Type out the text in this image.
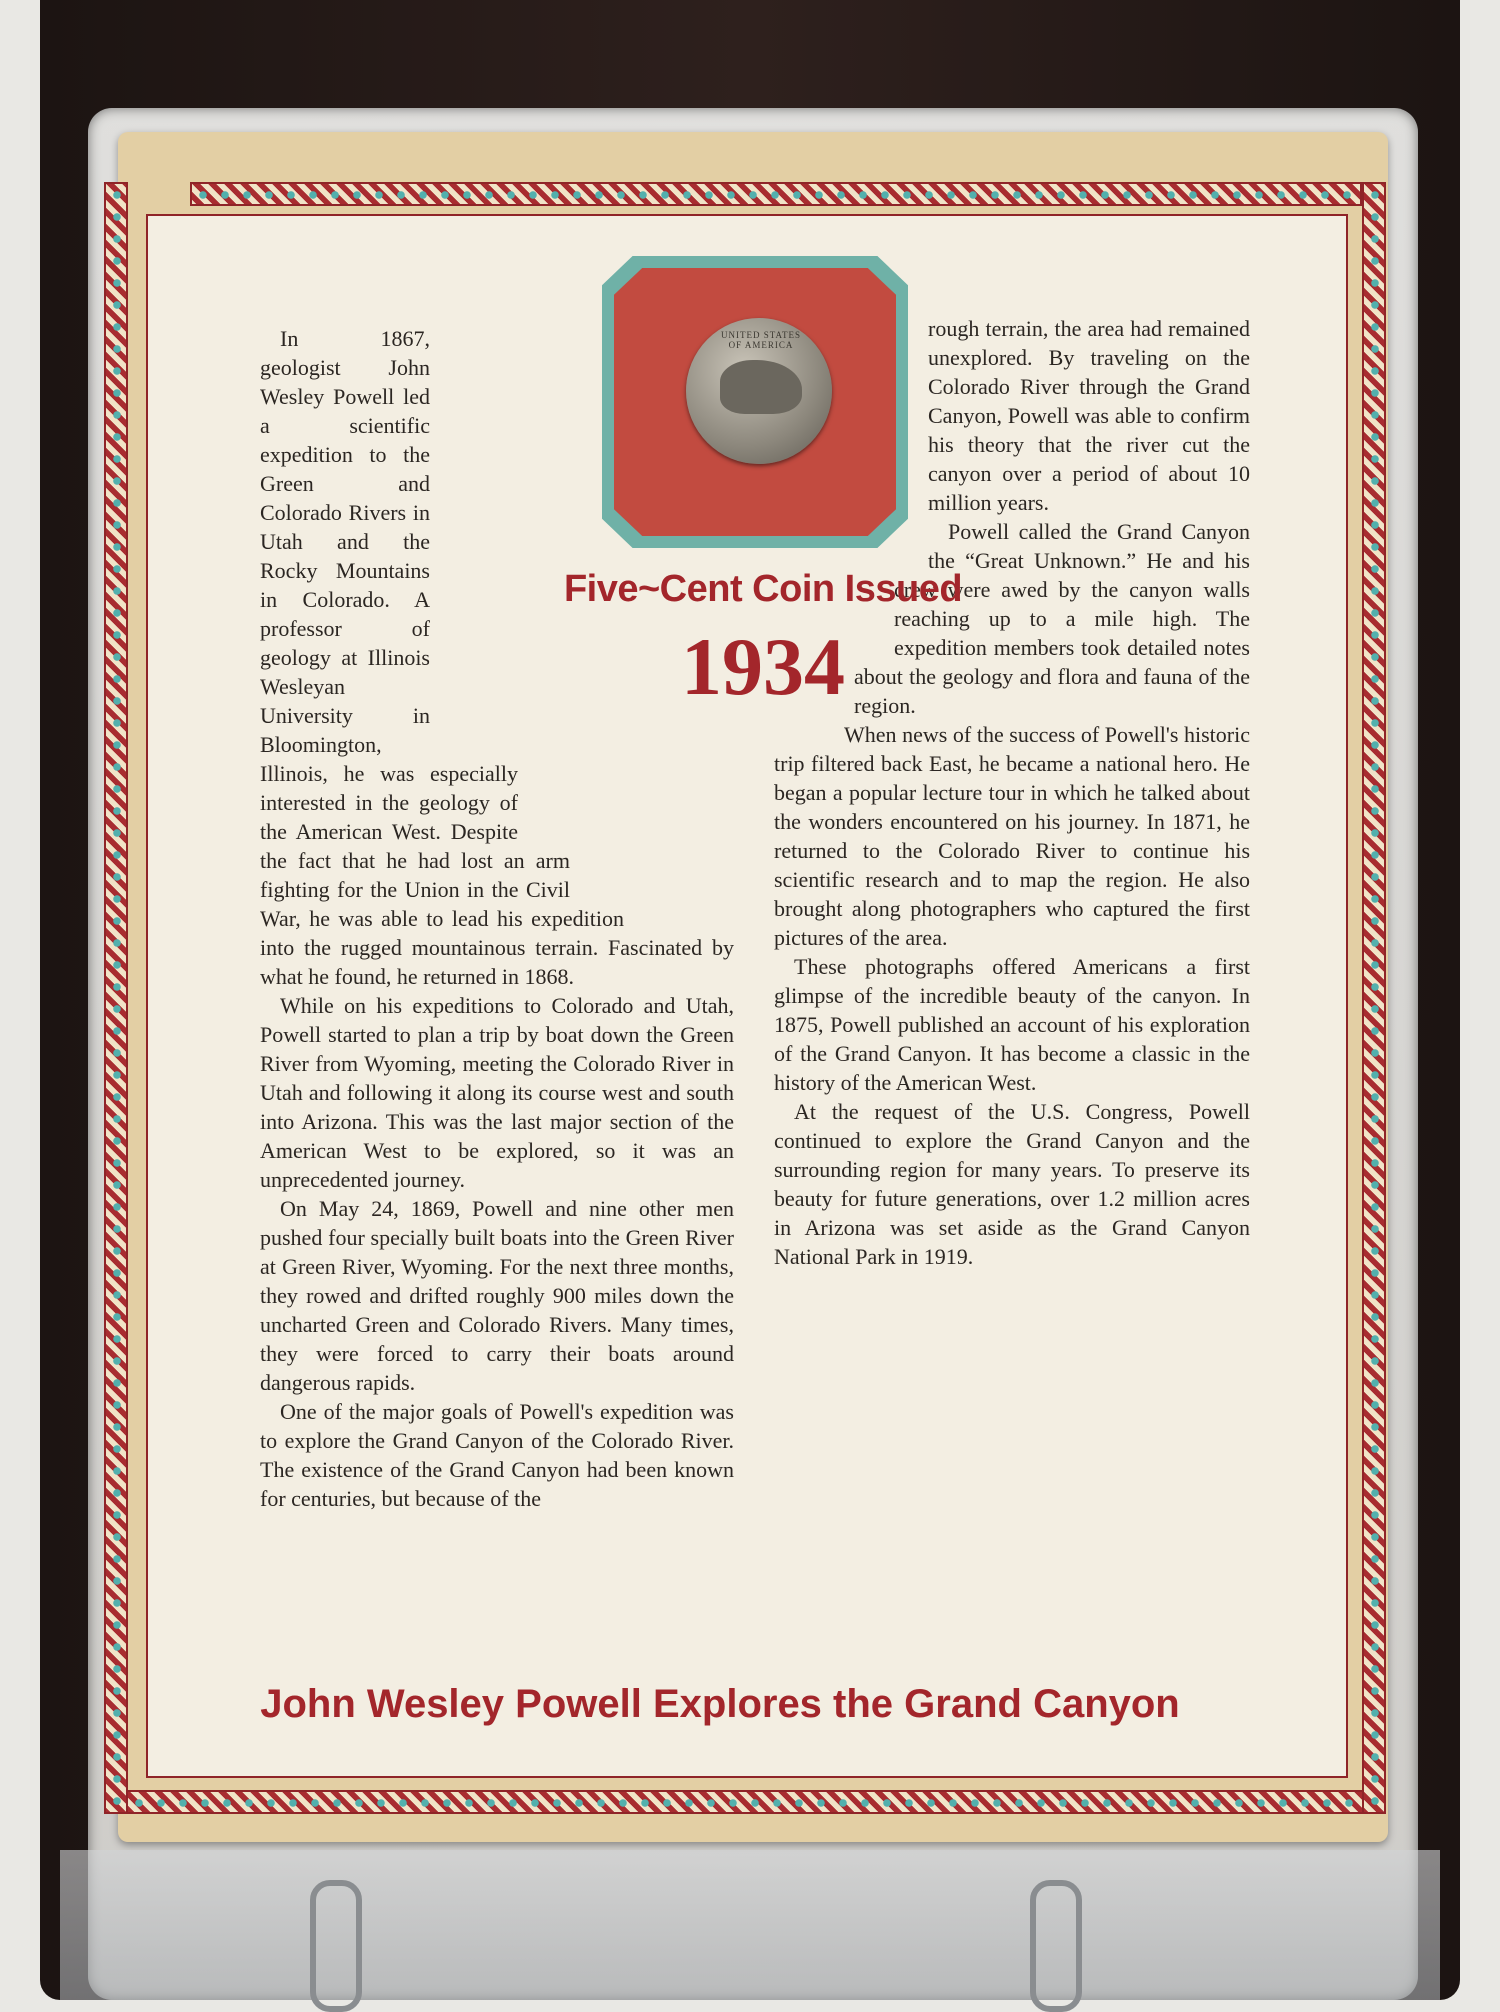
UNITED STATES OF AMERICA

In 1867, geologist John Wesley Powell led a scientific expedition to the Green and Colorado Rivers in Utah and the Rocky Mountains in Colorado. A professor of geology at Illinois Wesleyan University in Bloomington, Illinois, he was especially interested in the geology of the American West. Despite the fact that he had lost an arm fighting for the Union in the Civil War, he was able to lead his expedition into the rugged mountainous terrain. Fascinated by what he found, he returned in 1868.

While on his expeditions to Colorado and Utah, Powell started to plan a trip by boat down the Green River from Wyoming, meeting the Colorado River in Utah and following it along its course west and south into Arizona. This was the last major section of the American West to be explored, so it was an unprecedented journey.

On May 24, 1869, Powell and nine other men pushed four specially built boats into the Green River at Green River, Wyoming. For the next three months, they rowed and drifted roughly 900 miles down the uncharted Green and Colorado Rivers. Many times, they were forced to carry their boats around dangerous rapids.

One of the major goals of Powell's expedition was to explore the Grand Canyon of the Colorado River. The existence of the Grand Canyon had been known for centuries, but because of the

rough terrain, the area had remained unexplored. By traveling on the Colorado River through the Grand Canyon, Powell was able to confirm his theory that the river cut the canyon over a period of about 10 million years.

Powell called the Grand Canyon the “Great Unknown.” He and his crew were awed by the canyon walls reaching up to a mile high. The expedition members took detailed notes about the geology and flora and fauna of the region.

When news of the success of Powell's historic trip filtered back East, he became a national hero. He began a popular lecture tour in which he talked about the wonders encountered on his journey. In 1871, he returned to the Colorado River to continue his scientific research and to map the region. He also brought along photographers who captured the first pictures of the area.

These photographs offered Americans a first glimpse of the incredible beauty of the canyon. In 1875, Powell published an account of his exploration of the Grand Canyon. It has become a classic in the history of the American West.

At the request of the U.S. Congress, Powell continued to explore the Grand Canyon and the surrounding region for many years. To preserve its beauty for future generations, over 1.2 million acres in Arizona was set aside as the Grand Canyon National Park in 1919.

Five~Cent Coin Issued
1934
John Wesley Powell Explores the Grand Canyon
